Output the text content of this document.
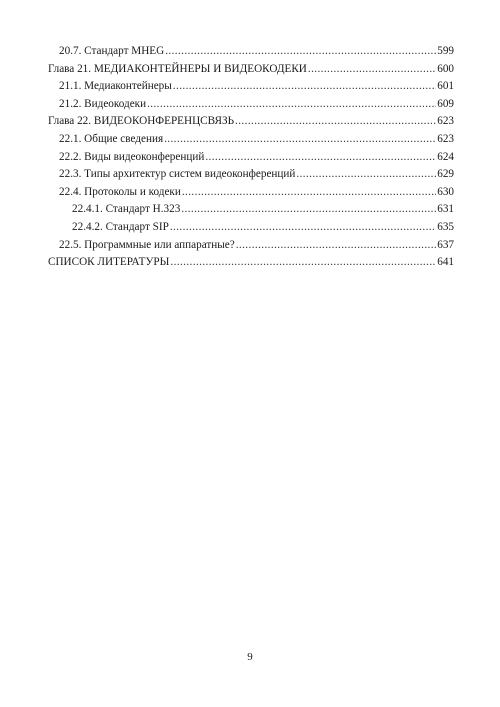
20.7. Стандарт MHEG .....	599
Глава 21. МЕДИАКОНТЕЙНЕРЫ И ВИДЕОКОДЕКИ .....	600
21.1. Медиаконтейнеры .....	601
21.2. Видеокодеки .....	609
Глава 22. ВИДЕОКОНФЕРЕНЦСВЯЗЬ .....	623
22.1. Общие сведения .....	623
22.2. Виды видеоконференций .....	624
22.3. Типы архитектур систем видеоконференций .....	629
22.4. Протоколы и кодеки .....	630
22.4.1. Стандарт H.323 .....	631
22.4.2. Стандарт SIP .....	635
22.5. Программные или аппаратные? .....	637
СПИСОК ЛИТЕРАТУРЫ .....	641
9
